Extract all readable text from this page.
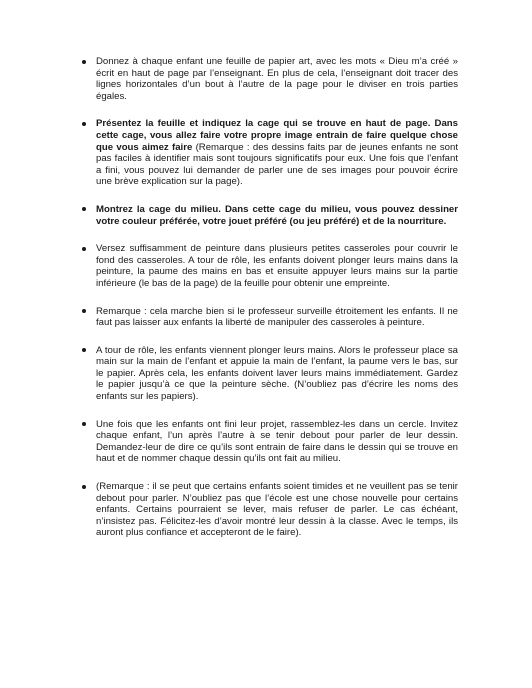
Donnez à chaque enfant une feuille de papier art, avec les mots « Dieu m’a créé » écrit en haut de page par l’enseignant. En plus de cela, l’enseignant doit tracer des lignes horizontales d’un bout à l’autre de la page pour le diviser en trois parties égales.
Présentez la feuille et indiquez la cage qui se trouve en haut de page. Dans cette cage, vous allez faire votre propre image entrain de faire quelque chose que vous aimez faire (Remarque : des dessins faits par de jeunes enfants ne sont pas faciles à identifier mais sont toujours significatifs pour eux. Une fois que l’enfant a fini, vous pouvez lui demander de parler une de ses images pour pouvoir écrire une brève explication sur la page).
Montrez la cage du milieu. Dans cette cage du milieu, vous pouvez dessiner votre couleur préférée, votre jouet préféré (ou jeu préféré) et de la nourriture.
Versez suffisamment de peinture dans plusieurs petites casseroles pour couvrir le fond des casseroles. A tour de rôle, les enfants doivent plonger leurs mains dans la peinture, la paume des mains en bas et ensuite appuyer leurs mains sur la partie inférieure (le bas de la page) de la feuille pour obtenir une empreinte.
Remarque : cela marche bien si le professeur surveille étroitement les enfants. Il ne faut pas laisser aux enfants la liberté de manipuler des casseroles à peinture.
A tour de rôle, les enfants viennent plonger leurs mains. Alors le professeur place sa main sur la main de l’enfant et appuie la main de l’enfant, la paume vers le bas, sur le papier. Après cela, les enfants doivent laver leurs mains immédiatement. Gardez le papier jusqu’à ce que la peinture sèche. (N’oubliez pas d’écrire les noms des enfants sur les papiers).
Une fois que les enfants ont fini leur projet, rassemblez-les dans un cercle. Invitez chaque enfant, l’un après l’autre à se tenir debout pour parler de leur dessin. Demandez-leur de dire ce qu’ils sont entrain de faire dans le dessin qui se trouve en haut et de nommer chaque dessin qu’ils ont fait au milieu.
(Remarque : il se peut que certains enfants soient timides et ne veuillent pas se tenir debout pour parler. N’oubliez pas que l’école est une chose nouvelle pour certains enfants. Certains pourraient se lever, mais refuser de parler. Le cas échéant, n’insistez pas. Félicitez-les d’avoir montré leur dessin à la classe. Avec le temps, ils auront plus confiance et accepteront de le faire).
